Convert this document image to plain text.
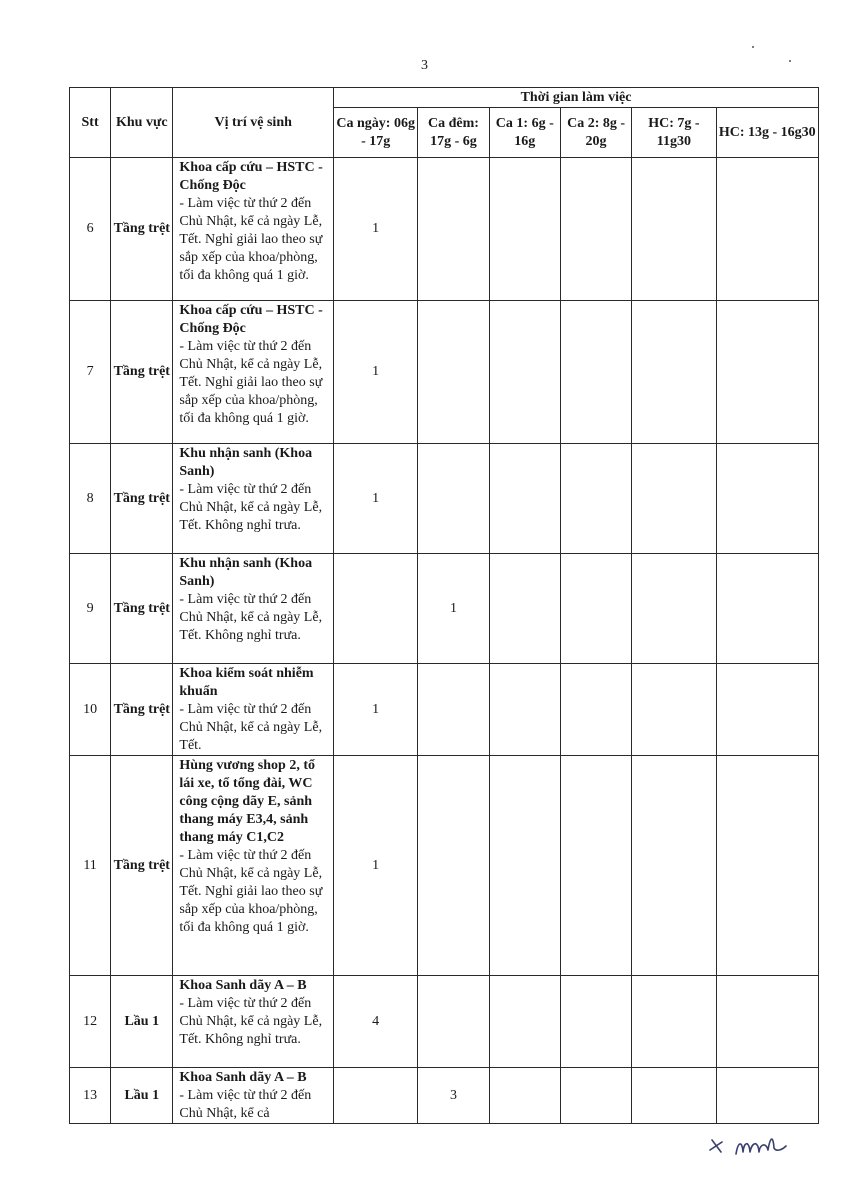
3
Stt	Khu vực	Vị trí vệ sinh	Thời gian làm việc					
			Ca ngày: 06g - 17g	Ca đêm: 17g - 6g	Ca 1: 6g - 16g	Ca 2: 8g - 20g	HC: 7g - 11g30	HC: 13g - 16g30
6	Tầng trệt	Khoa cấp cứu – HSTC - Chống Độc
- Làm việc từ thứ 2 đến Chủ Nhật, kể cả ngày Lễ, Tết. Nghỉ giải lao theo sự sắp xếp của khoa/phòng, tối đa không quá 1 giờ.	1					
7	Tầng trệt	Khoa cấp cứu – HSTC - Chống Độc
- Làm việc từ thứ 2 đến Chủ Nhật, kể cả ngày Lễ, Tết. Nghỉ giải lao theo sự sắp xếp của khoa/phòng, tối đa không quá 1 giờ.	1					
8	Tầng trệt	Khu nhận sanh (Khoa Sanh)
- Làm việc từ thứ 2 đến Chủ Nhật, kể cả ngày Lễ, Tết. Không nghỉ trưa.	1					
9	Tầng trệt	Khu nhận sanh (Khoa Sanh)
- Làm việc từ thứ 2 đến Chủ Nhật, kể cả ngày Lễ, Tết. Không nghỉ trưa.		1				
10	Tầng trệt	Khoa kiểm soát nhiễm khuẩn
- Làm việc từ thứ 2 đến Chủ Nhật, kể cả ngày Lễ, Tết.	1					
11	Tầng trệt	Hùng vương shop 2, tổ lái xe, tổ tổng đài, WC công cộng dãy E, sảnh thang máy E3,4, sảnh thang máy C1,C2
- Làm việc từ thứ 2 đến Chủ Nhật, kể cả ngày Lễ, Tết. Nghỉ giải lao theo sự sắp xếp của khoa/phòng, tối đa không quá 1 giờ.	1					
12	Lầu 1	Khoa Sanh dãy A – B
- Làm việc từ thứ 2 đến Chủ Nhật, kể cả ngày Lễ, Tết. Không nghỉ trưa.	4					
13	Lầu 1	Khoa Sanh dãy A – B
- Làm việc từ thứ 2 đến Chủ Nhật, kể cả		3				
